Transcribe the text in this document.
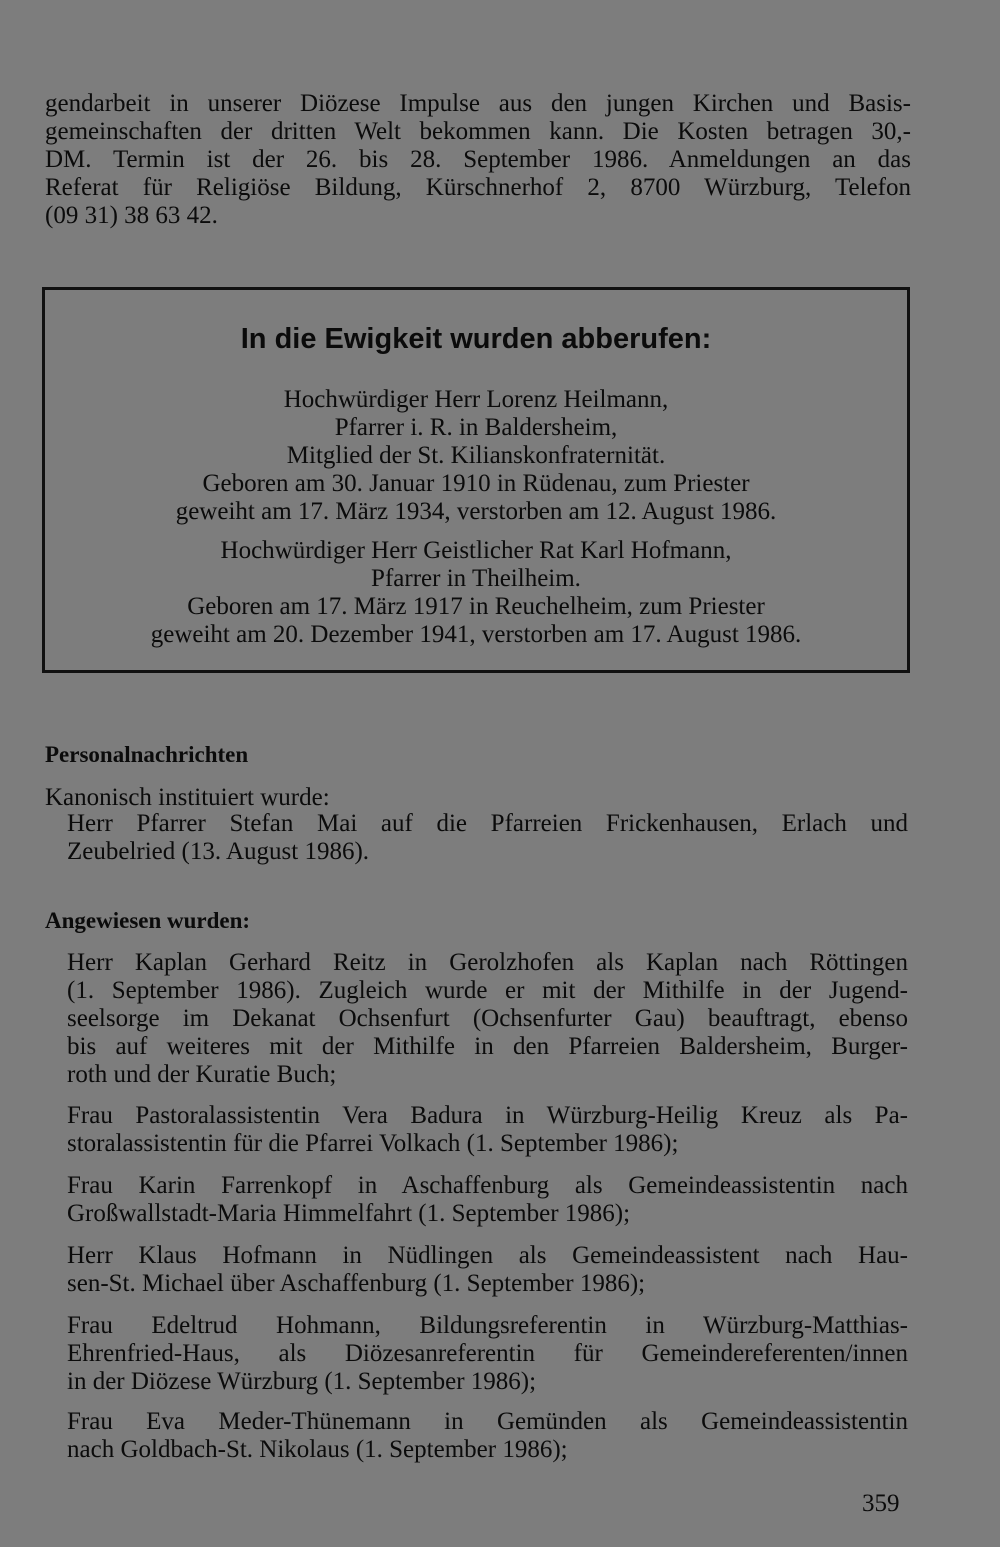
gendarbeit in unserer Diözese Impulse aus den jungen Kirchen und Basis-
gemeinschaften der dritten Welt bekommen kann. Die Kosten betragen 30,-
DM. Termin ist der 26. bis 28. September 1986. Anmeldungen an das
Referat für Religiöse Bildung, Kürschnerhof 2, 8700 Würzburg, Telefon
(09 31) 38 63 42.
In die Ewigkeit wurden abberufen:
Hochwürdiger Herr Lorenz Heilmann,
Pfarrer i. R. in Baldersheim,
Mitglied der St. Kilianskonfraternität.
Geboren am 30. Januar 1910 in Rüdenau, zum Priester
geweiht am 17. März 1934, verstorben am 12. August 1986.
Hochwürdiger Herr Geistlicher Rat Karl Hofmann,
Pfarrer in Theilheim.
Geboren am 17. März 1917 in Reuchelheim, zum Priester
geweiht am 20. Dezember 1941, verstorben am 17. August 1986.
Personalnachrichten
Kanonisch instituiert wurde:
Herr Pfarrer Stefan Mai auf die Pfarreien Frickenhausen, Erlach und
Zeubelried (13. August 1986).
Angewiesen wurden:
Herr Kaplan Gerhard Reitz in Gerolzhofen als Kaplan nach Röttingen
(1. September 1986). Zugleich wurde er mit der Mithilfe in der Jugend-
seelsorge im Dekanat Ochsenfurt (Ochsenfurter Gau) beauftragt, ebenso
bis auf weiteres mit der Mithilfe in den Pfarreien Baldersheim, Burger-
roth und der Kuratie Buch;
Frau Pastoralassistentin Vera Badura in Würzburg-Heilig Kreuz als Pa-
storalassistentin für die Pfarrei Volkach (1. September 1986);
Frau Karin Farrenkopf in Aschaffenburg als Gemeindeassistentin nach
Großwallstadt-Maria Himmelfahrt (1. September 1986);
Herr Klaus Hofmann in Nüdlingen als Gemeindeassistent nach Hau-
sen-St. Michael über Aschaffenburg (1. September 1986);
Frau Edeltrud Hohmann, Bildungsreferentin in Würzburg-Matthias-
Ehrenfried-Haus, als Diözesanreferentin für Gemeindereferenten/innen
in der Diözese Würzburg (1. September 1986);
Frau Eva Meder-Thünemann in Gemünden als Gemeindeassistentin
nach Goldbach-St. Nikolaus (1. September 1986);
359
